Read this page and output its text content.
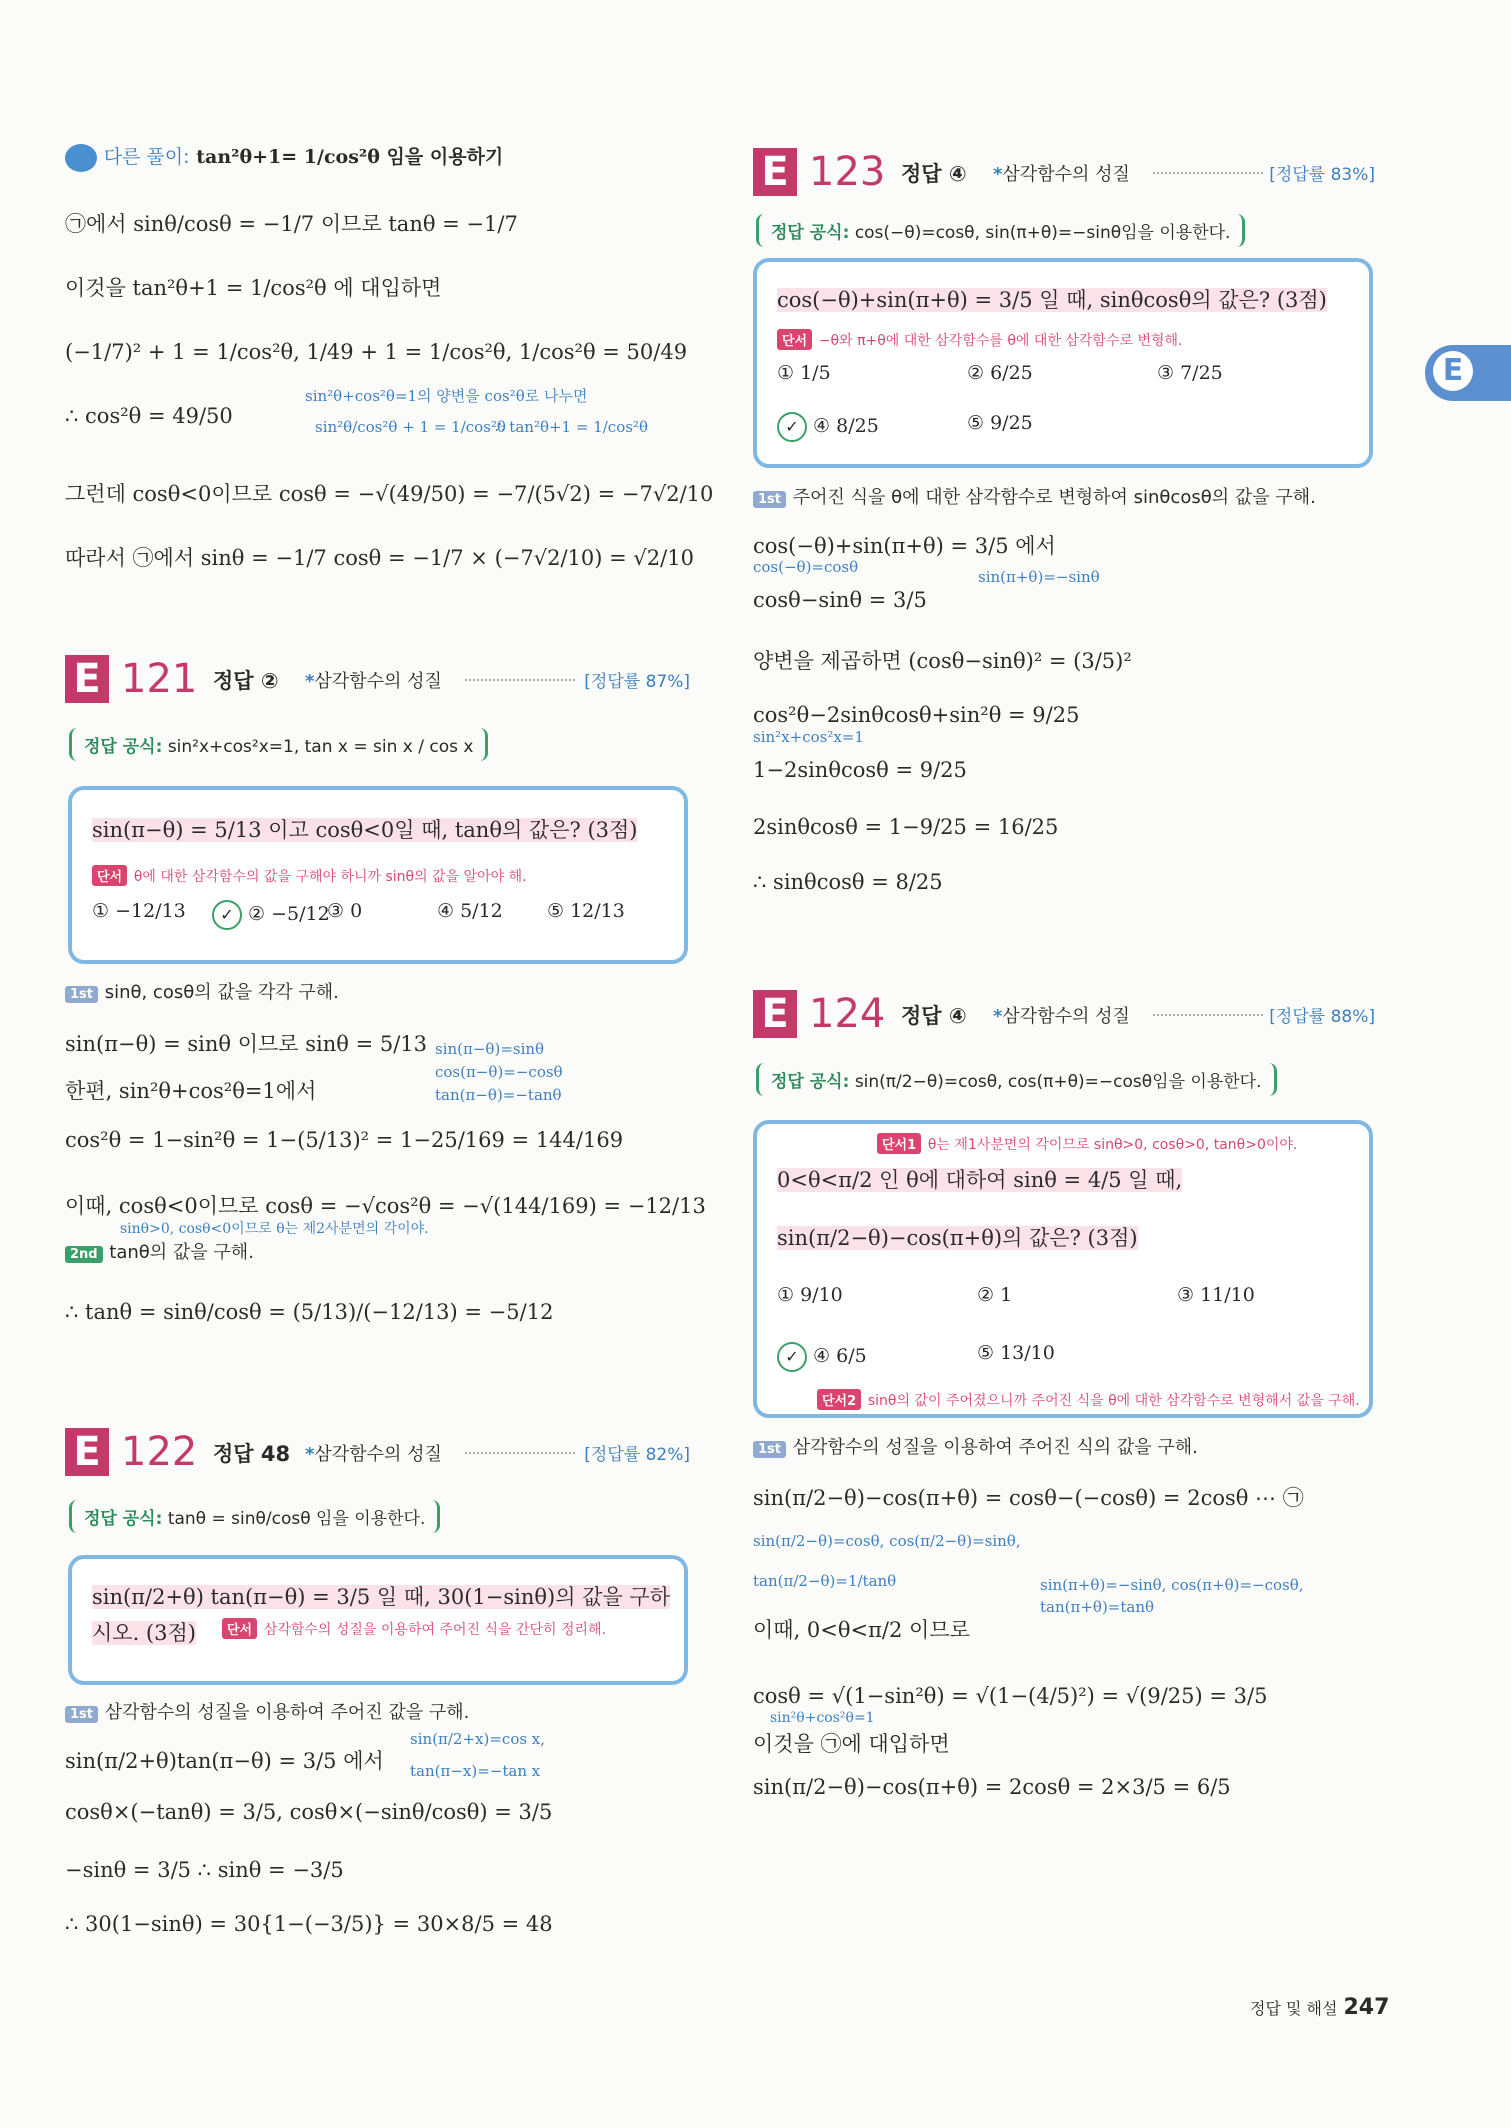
다른 풀이: tan²θ+1= 1/cos²θ 임을 이용하기
㉠에서 sinθ/cosθ = −1/7 이므로 tanθ = −1/7
이것을 tan²θ+1 = 1/cos²θ 에 대입하면
(−1/7)² + 1 = 1/cos²θ, 1/49 + 1 = 1/cos²θ, 1/cos²θ = 50/49
sin²θ+cos²θ=1의 양변을 cos²θ로 나누면
∴ cos²θ = 49/50	sin²θ/cos²θ + 1 = 1/cos²θ
∴ tan²θ+1 = 1/cos²θ
그런데 cosθ<0이므로 cosθ = −√(49/50) = −7/(5√2) = −7√2/10
따라서 ㉠에서 sinθ = −1/7 cosθ = −1/7 × (−7√2/10) = √2/10
E 121 정답 ② *삼각함수의 성질	[정답률 87%]
정답 공식: sin²x+cos²x=1, tan x = sin x / cos x
sin(π−θ) = 5/13 이고 cosθ<0일 때, tanθ의 값은? (3점)
단서 θ에 대한 삼각함수의 값을 구해야 하니까 sinθ의 값을 알아야 해.
① −12/13	✓ ② −5/12
③ 0	④ 5/12 ⑤ 12/13
1st sinθ, cosθ의 값을 각각 구해.
sin(π−θ) = sinθ 이므로 sinθ = 5/13 sin(π−θ)=sinθ
cos(π−θ)=−cosθ
한편, sin²θ+cos²θ=1에서	tan(π−θ)=−tanθ
cos²θ = 1−sin²θ = 1−(5/13)² = 1−25/169 = 144/169
이때, cosθ<0이므로 cosθ = −√cos²θ = −√(144/169) = −12/13
sinθ>0, cosθ<0이므로 θ는 제2사분면의 각이야.
2nd tanθ의 값을 구해.
∴ tanθ = sinθ/cosθ = (5/13)/(−12/13) = −5/12
E 122 정답 48 *삼각함수의 성질	[정답률 82%]
정답 공식: tanθ = sinθ/cosθ 임을 이용한다.
sin(π/2+θ) tan(π−θ) = 3/5 일 때, 30(1−sinθ)의 값을 구하시오. (3점)	단서 삼각함수의 성질을 이용하여 주어진 식을 간단히 정리해.
1st 삼각함수의 성질을 이용하여 주어진 값을 구해.
sin(π/2+θ)tan(π−θ) = 3/5 에서
sin(π/2+x)=cos x,
tan(π−x)=−tan x
cosθ×(−tanθ) = 3/5, cosθ×(−sinθ/cosθ) = 3/5
−sinθ = 3/5 ∴ sinθ = −3/5
∴ 30(1−sinθ) = 30{1−(−3/5)} = 30×8/5 = 48
E 123 정답 ④ *삼각함수의 성질	[정답률 83%]
정답 공식: cos(−θ)=cosθ, sin(π+θ)=−sinθ임을 이용한다.
cos(−θ)+sin(π+θ) = 3/5 일 때, sinθcosθ의 값은? (3점)
단서 −θ와 π+θ에 대한 삼각함수를 θ에 대한 삼각함수로 변형해.
① 1/5	② 6/25	③ 7/25
✓ ④ 8/25	⑤ 9/25
1st 주어진 식을 θ에 대한 삼각함수로 변형하여 sinθcosθ의 값을 구해.
cos(−θ)+sin(π+θ) = 3/5 에서
cos(−θ)=cosθ
sin(π+θ)=−sinθ
cosθ−sinθ = 3/5
양변을 제곱하면 (cosθ−sinθ)² = (3/5)²
cos²θ−2sinθcosθ+sin²θ = 9/25
sin²x+cos²x=1
1−2sinθcosθ = 9/25
2sinθcosθ = 1−9/25 = 16/25
∴ sinθcosθ = 8/25
E 124 정답 ④ *삼각함수의 성질	[정답률 88%]
정답 공식: sin(π/2−θ)=cosθ, cos(π+θ)=−cosθ임을 이용한다.
단서1 θ는 제1사분면의 각이므로 sinθ>0, cosθ>0, tanθ>0이야.
0<θ<π/2 인 θ에 대하여 sinθ = 4/5 일 때,
sin(π/2−θ)−cos(π+θ)의 값은? (3점)
① 9/10	② 1	③ 11/10
✓ ④ 6/5	⑤ 13/10
단서2 sinθ의 값이 주어졌으니까 주어진 식을 θ에 대한 삼각함수로 변형해서 값을 구해.
1st 삼각함수의 성질을 이용하여 주어진 식의 값을 구해.
sin(π/2−θ)−cos(π+θ) = cosθ−(−cosθ) = 2cosθ ⋯ ㉠
sin(π/2−θ)=cosθ, cos(π/2−θ)=sinθ,
tan(π/2−θ)=1/tanθ	sin(π+θ)=−sinθ, cos(π+θ)=−cosθ,
tan(π+θ)=tanθ
이때, 0<θ<π/2 이므로
cosθ = √(1−sin²θ) = √(1−(4/5)²) = √(9/25) = 3/5
sin²θ+cos²θ=1
이것을 ㉠에 대입하면
sin(π/2−θ)−cos(π+θ) = 2cosθ = 2×3/5 = 6/5
E
정답 및 해설 247
